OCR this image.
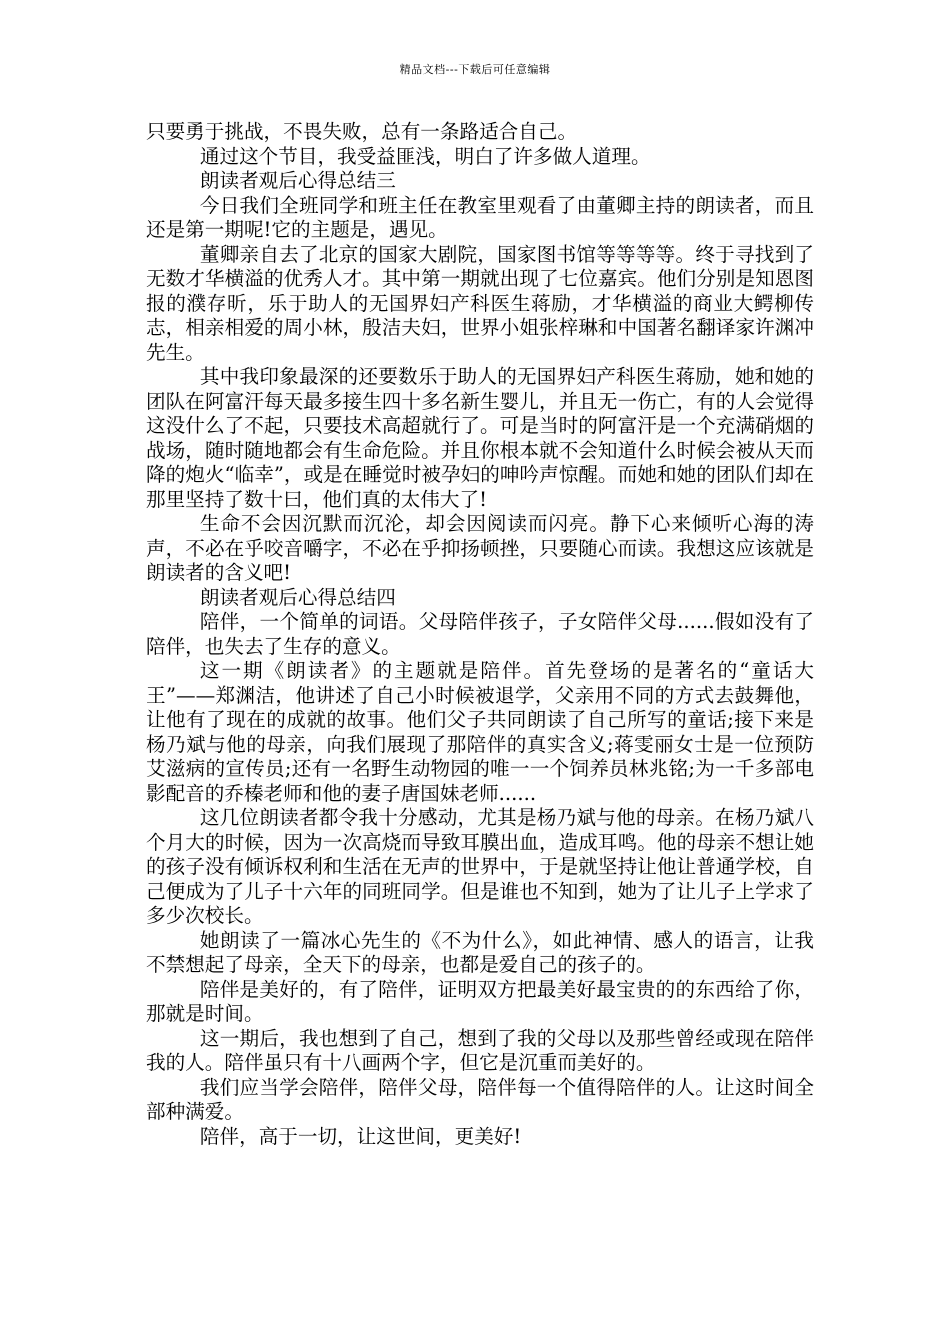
精品文档---下载后可任意编辑

只要勇于挑战，不畏失败，总有一条路适合自己。

通过这个节目，我受益匪浅，明白了许多做人道理。

朗读者观后心得总结三

今日我们全班同学和班主任在教室里观看了由董卿主持的朗读者，而且还是第一期呢!它的主题是，遇见。

董卿亲自去了北京的国家大剧院，国家图书馆等等等等。终于寻找到了无数才华横溢的优秀人才。其中第一期就出现了七位嘉宾。他们分别是知恩图报的濮存昕，乐于助人的无国界妇产科医生蒋励，才华横溢的商业大鳄柳传志，相亲相爱的周小林，殷洁夫妇，世界小姐张梓琳和中国著名翻译家许渊冲先生。

其中我印象最深的还要数乐于助人的无国界妇产科医生蒋励，她和她的团队在阿富汗每天最多接生四十多名新生婴儿，并且无一伤亡，有的人会觉得这没什么了不起，只要技术高超就行了。可是当时的阿富汗是一个充满硝烟的战场，随时随地都会有生命危险。并且你根本就不会知道什么时候会被从天而降的炮火“临幸”，或是在睡觉时被孕妇的呻吟声惊醒。而她和她的团队们却在那里坚持了数十曰，他们真的太伟大了!

生命不会因沉默而沉沦，却会因阅读而闪亮。静下心来倾听心海的涛声，不必在乎咬音嚼字，不必在乎抑扬顿挫，只要随心而读。我想这应该就是朗读者的含义吧!

朗读者观后心得总结四

陪伴，一个简单的词语。父母陪伴孩子，子女陪伴父母......假如没有了陪伴，也失去了生存的意义。

这一期《朗读者》的主题就是陪伴。首先登场的是著名的“童话大王”——郑渊洁，他讲述了自己小时候被退学，父亲用不同的方式去鼓舞他，让他有了现在的成就的故事。他们父子共同朗读了自己所写的童话;接下来是杨乃斌与他的母亲，向我们展现了那陪伴的真实含义;蒋雯丽女士是一位预防艾滋病的宣传员;还有一名野生动物园的唯一一个饲养员林兆铭;为一千多部电影配音的乔榛老师和他的妻子唐国妹老师......

这几位朗读者都令我十分感动，尤其是杨乃斌与他的母亲。在杨乃斌八个月大的时候，因为一次高烧而导致耳膜出血，造成耳鸣。他的母亲不想让她的孩子没有倾诉权利和生活在无声的世界中，于是就坚持让他让普通学校，自己便成为了儿子十六年的同班同学。但是谁也不知到，她为了让儿子上学求了多少次校长。

她朗读了一篇冰心先生的《不为什么》，如此神情、感人的语言，让我不禁想起了母亲，全天下的母亲，也都是爱自己的孩子的。

陪伴是美好的，有了陪伴，证明双方把最美好最宝贵的的东西给了你，那就是时间。

这一期后，我也想到了自己，想到了我的父母以及那些曾经或现在陪伴我的人。陪伴虽只有十八画两个字，但它是沉重而美好的。

我们应当学会陪伴，陪伴父母，陪伴每一个值得陪伴的人。让这时间全部种满爱。

陪伴，高于一切，让这世间，更美好!
